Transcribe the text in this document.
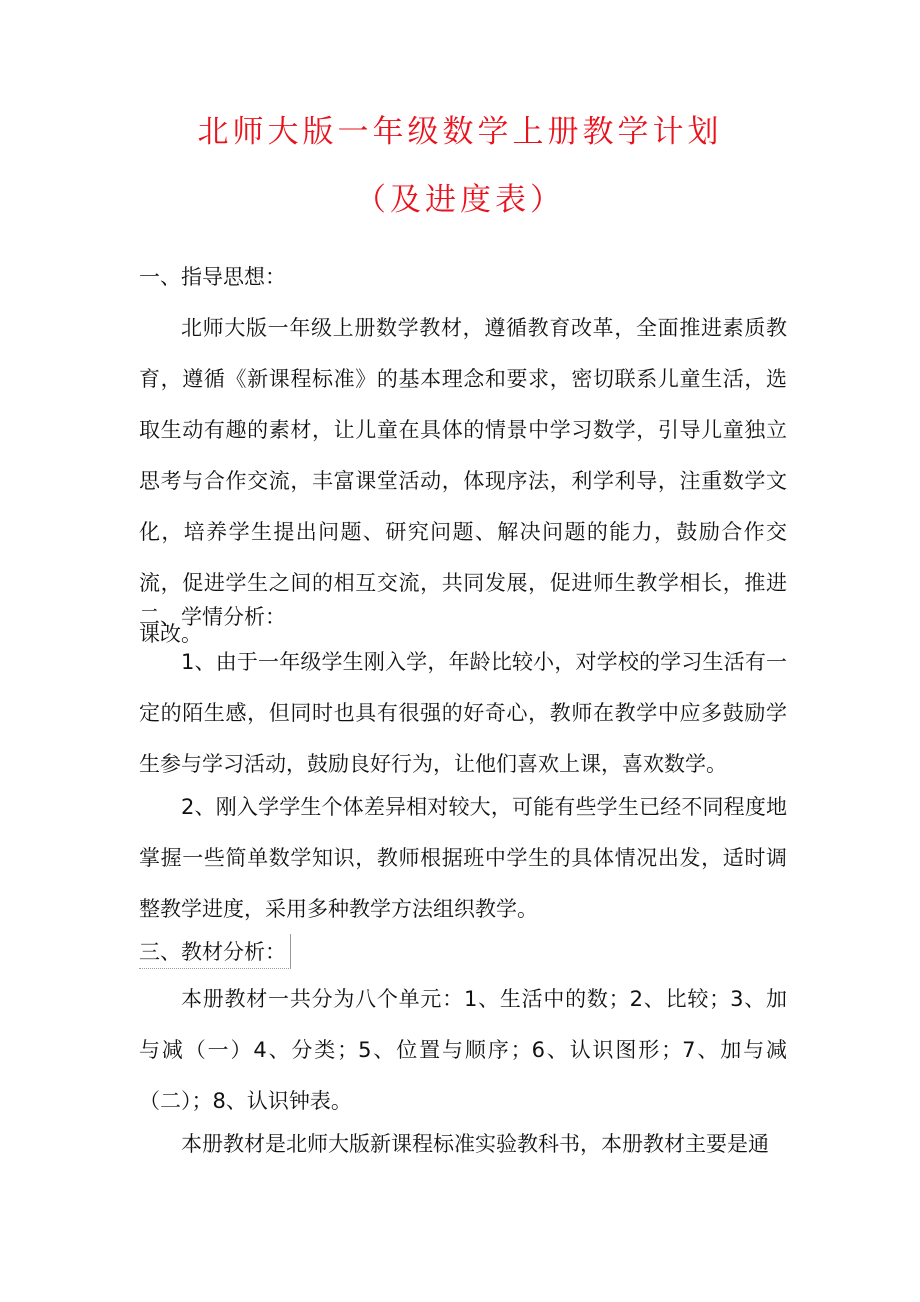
北师大版一年级数学上册教学计划
（及进度表）
一、指导思想：

北师大版一年级上册数学教材，遵循教育改革，全面推进素质教育，遵循《新课程标准》的基本理念和要求，密切联系儿童生活，选取生动有趣的素材，让儿童在具体的情景中学习数学，引导儿童独立思考与合作交流，丰富课堂活动，体现序法，利学利导，注重数学文化，培养学生提出问题、研究问题、解决问题的能力，鼓励合作交流，促进学生之间的相互交流，共同发展，促进师生教学相长，推进课改。

二、学情分析：

1、由于一年级学生刚入学，年龄比较小，对学校的学习生活有一定的陌生感，但同时也具有很强的好奇心，教师在教学中应多鼓励学生参与学习活动，鼓励良好行为，让他们喜欢上课，喜欢数学。

2、刚入学学生个体差异相对较大，可能有些学生已经不同程度地掌握一些简单数学知识，教师根据班中学生的具体情况出发，适时调整教学进度，采用多种教学方法组织教学。

三、教材分析：

本册教材一共分为八个单元：1、生活中的数；2、比较；3、加与减（一）4、分类；5、位置与顺序；6、认识图形；7、加与减（二）；8、认识钟表。

本册教材是北师大版新课程标准实验教科书，本册教材主要是通
